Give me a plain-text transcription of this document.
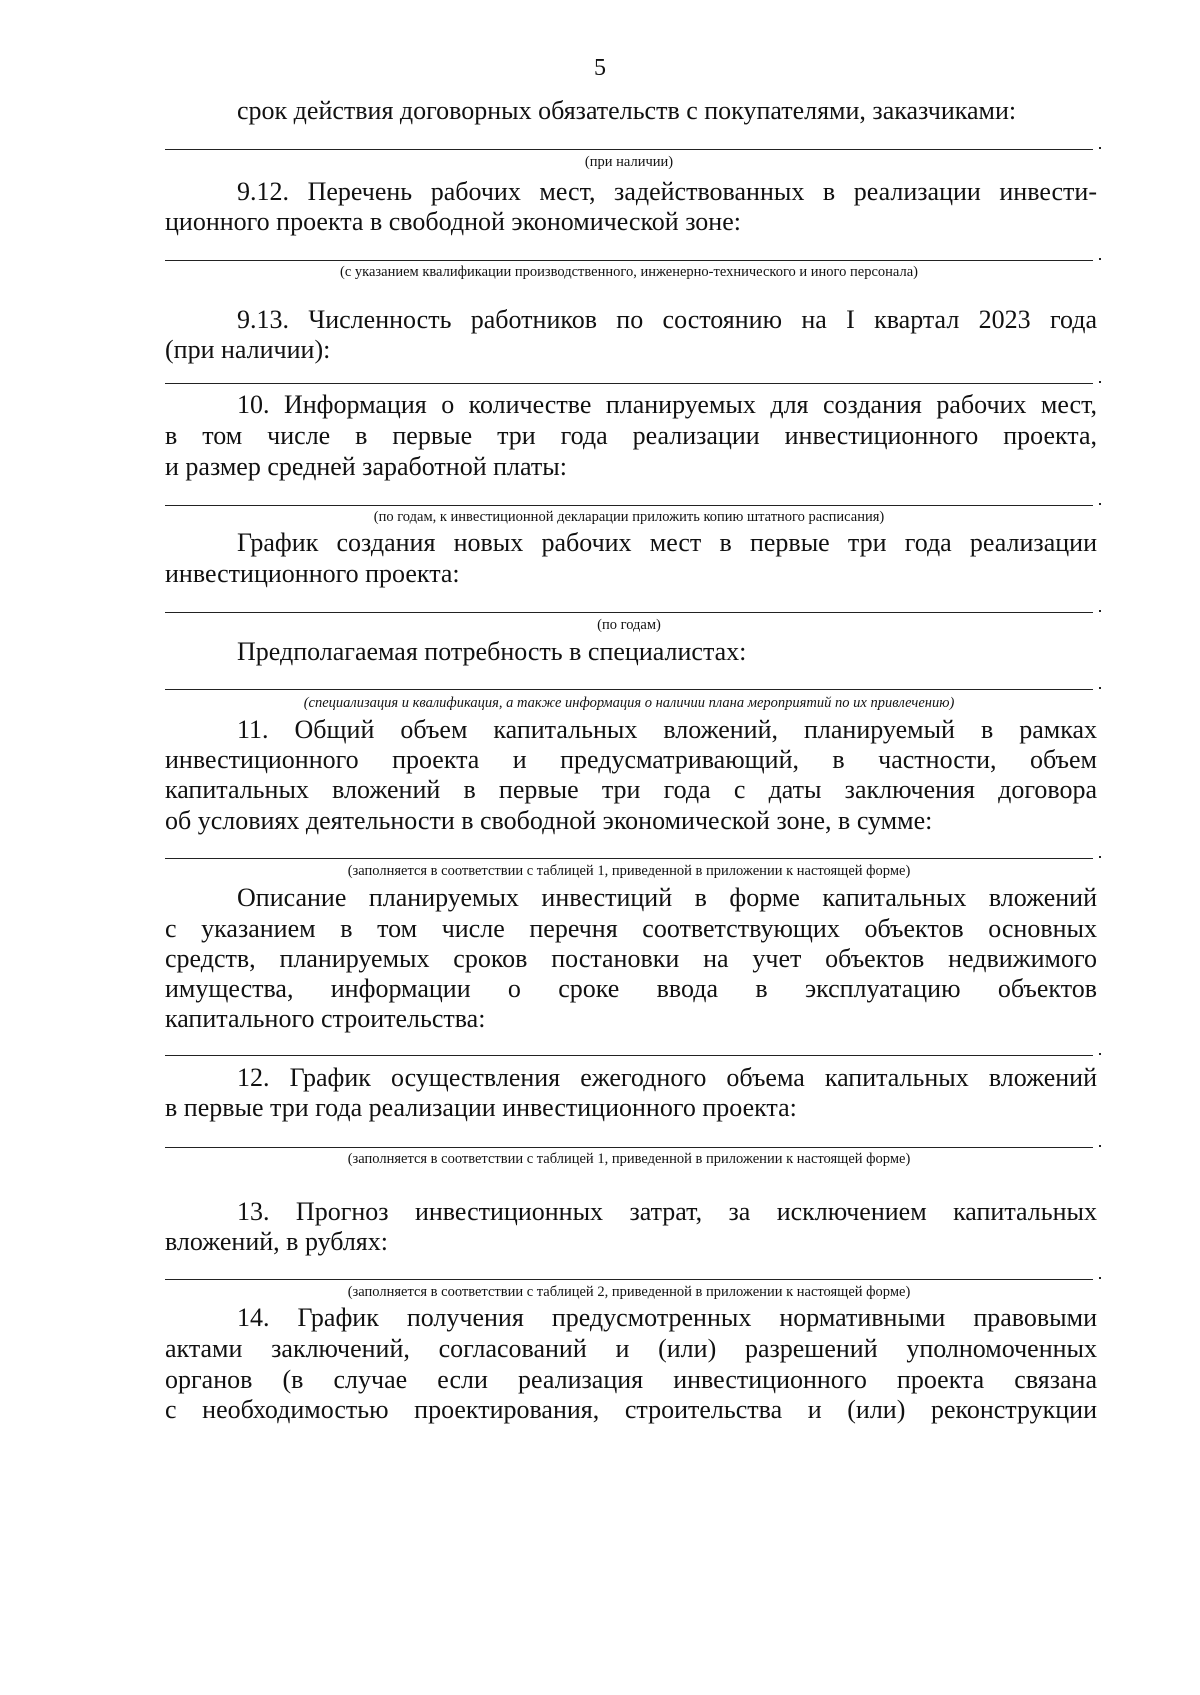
5
срок действия договорных обязательств с покупателями, заказчиками:
(при наличии)
9.12. Перечень рабочих мест, задействованных в реализации инвести-
ционного проекта в свободной экономической зоне:
(с указанием квалификации производственного, инженерно-технического и иного персонала)
9.13. Численность работников по состоянию на I квартал 2023 года
(при наличии):
10. Информация о количестве планируемых для создания рабочих мест,
в том числе в первые три года реализации инвестиционного проекта,
и размер средней заработной платы:
(по годам, к инвестиционной декларации приложить копию штатного расписания)
График создания новых рабочих мест в первые три года реализации
инвестиционного проекта:
(по годам)
Предполагаемая потребность в специалистах:
(специализация и квалификация, а также информация о наличии плана мероприятий по их привлечению)
11. Общий объем капитальных вложений, планируемый в рамках
инвестиционного проекта и предусматривающий, в частности, объем
капитальных вложений в первые три года с даты заключения договора
об условиях деятельности в свободной экономической зоне, в сумме:
(заполняется в соответствии с таблицей 1, приведенной в приложении к настоящей форме)
Описание планируемых инвестиций в форме капитальных вложений
с указанием в том числе перечня соответствующих объектов основных
средств, планируемых сроков постановки на учет объектов недвижимого
имущества, информации о сроке ввода в эксплуатацию объектов
капитального строительства:
12. График осуществления ежегодного объема капитальных вложений
в первые три года реализации инвестиционного проекта:
(заполняется в соответствии с таблицей 1, приведенной в приложении к настоящей форме)
13. Прогноз инвестиционных затрат, за исключением капитальных
вложений, в рублях:
(заполняется в соответствии с таблицей 2, приведенной в приложении к настоящей форме)
14. График получения предусмотренных нормативными правовыми
актами заключений, согласований и (или) разрешений уполномоченных
органов (в случае если реализация инвестиционного проекта связана
с необходимостью проектирования, строительства и (или) реконструкции
